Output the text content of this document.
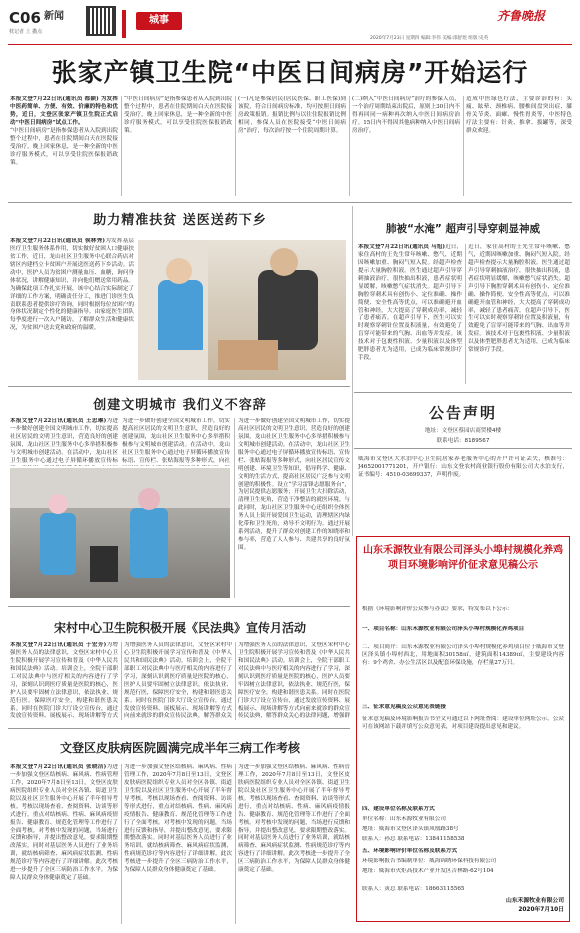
C06 新闻
枕记者 上 撒点
城事	齐鲁晚报
2020年7月23日 星期四 编辑:李伟 美编:邵舒煜 组版:史英
张家产镇卫生院“中医日间病房”开始运行
本报文登7月22日讯(通讯员 都颖) 为发挥中医药简单、方便、有效、价廉的特色和优势，近日，文登区张家产镇卫生院正式启动“中医日间病房”试点工作。
“中医日间病房”是指参保患者从入院到出院整个过程中，患者在住院期间白天在医院接受治疗，晚上回家休息，是一种全新的中医诊疗服务模式，可以享受住院医保报销政策。
“中医日间病房”是指参保患者从入院到出院整个过程中，患者在住院期间白天在医院接受治疗，晚上回家休息，是一种全新的中医诊疗服务模式，可以享受住院医保报销政策。
(一)凡是参保居民(居民医保、职工医保)到该院，符合日间病房标准，均可按照日间病房政策报销。报销比例与以往住院报销比例相同，参保人员在医院接受“中医日间病房”治疗，每次治疗按一个住院周期计算。
(二)纳入“中医日间病房”治疗的参保人员，一个治疗周期结束出院后，原则上30日内不得再回同一病种再次纳入中医日间病房治疗。15日内不得因其他病种纳入中医日间病房治疗。
造成中医绿色疗法，主要诊治的有：头痛、眩晕、颈椎病、腰椎间盘突出症、膝骨关节炎、面瘫、慢性胃炎等，中医特色疗法主要有：针灸、推拿、拔罐等，深受群众欢迎。
助力精准扶贫 送医送药下乡
本报文登7月22日讯(通讯员 侯林秀)为发挥基层医疗卫生服务体系作用，切实做好贫困人口健康扶贫工作，近日，龙山社区卫生服务中心联合药店对辖区内建档立卡贫困户开展送医送药下乡活动。活动中，医护人员为贫困户测量血压、血糖，询问身体状况，讲解健康知识，并向他们赠送常用药品。为确保此项工作扎实开展，该中心结合实际制定了详细的工作方案，明确责任分工，推进门诊医生负责联系患者提供诊疗咨询，同时根据每位贫困户的身体状况制定个性化的健康指导。由家庭医生团队每季度进行一次入户随访，了解群众生活和健康状况，为贫困户送去党和政府的温暖。
肺被“水淹” 超声引导穿刺显神威
本报文登7月22日讯(通讯员 马旭)近日，家住高村的王先生常年咳嗽、憋气，近期因咳嗽加重、胸闷气短入院。经超声检查提示大量胸腔积液。医生通过超声引导穿刺抽液治疗，很快抽出积液，患者症状明显缓解，咳嗽憋气症状消失。超声引导下胸腔穿刺术具有创伤小、定位准确、操作简便、安全性高等优点，可以准确避开血管和神经，大大提高了穿刺成功率，减轻了患者痛苦。在超声引导下，医生可以实时观察穿刺针位置及积液量，有效避免了盲穿可能带来的气胸、出血等并发症。该技术对于包裹性积液、少量积液以及体型肥胖患者尤为适用，已成为临床常规诊疗手段。
近日，家住高村的王先生常年咳嗽、憋气，近期因咳嗽加重、胸闷气短入院。经超声检查提示大量胸腔积液。医生通过超声引导穿刺抽液治疗，很快抽出积液，患者症状明显缓解，咳嗽憋气症状消失。超声引导下胸腔穿刺术具有创伤小、定位准确、操作简便、安全性高等优点，可以准确避开血管和神经，大大提高了穿刺成功率，减轻了患者痛苦。在超声引导下，医生可以实时观察穿刺针位置及积液量，有效避免了盲穿可能带来的气胸、出血等并发症。该技术对于包裹性积液、少量积液以及体型肥胖患者尤为适用，已成为临床常规诊疗手段。
创建文明城市 我们义不容辞
本报文登7月22日讯(通讯员 王忠琳)为进一步做好创建全国文明城市工作，切实提高社区居民的文明卫生意识，营造良好的创建氛围，龙山社区卫生服务中心多举措积极参与文明城市创建活动。在活动中，龙山社区卫生服务中心通过电子屏循环播放宣传标
为进一步做好创建全国文明城市工作，切实提高社区居民的文明卫生意识，营造良好的创建氛围，龙山社区卫生服务中心多举措积极参与文明城市创建活动。在活动中，龙山社区卫生服务中心通过电子屏循环播放宣传标语、宣传栏、张贴海报等多种形式，向社
为进一步做好创建全国文明城市工作，切实提高社区居民的文明卫生意识，营造良好的创建氛围，龙山社区卫生服务中心多举措积极参与文明城市创建活动。在活动中，龙山社区卫生服务中心通过电子屏循环播放宣传标语、宣传栏、张贴海报等多种形式，向社区居民宣传文明创建、环境卫生等知识，倡导科学、健康、文明的生活方式，提高社区居民广泛参与文明创建的积极性。设立“学习雷锋志愿服务台”，为居民提供志愿服务；开展卫生大扫除活动，清理卫生死角，营造干净整洁的就医环境。与此同时，龙山社区卫生服务中心还组织全体医务人员上街开展爱国卫生运动，清理辖区内绿化带和卫生死角，劝导不文明行为。通过开展系列活动，提升了群众对创建工作的知晓率和参与率，营造了人人参与、共建共享的良好氛围。
公告声明
地址：文登区蔡园店商贸楼4楼
联系电话：8189567
威海市文登区大水泊中心卫生院居家养老服务中心的开户许可证丢失，核准号：J4652001771201，开户银行：山东文登农村商业银行股份有限公司大水泊支行，证书编号：4510-03699337，声明作废。
山东禾源牧业有限公司泽头小埠村规模化养鸡项目环境影响评价征求意见稿公示
根据《环境影响评价公众参与办法》要求，特发布以下公示：
一、项目名称：山东禾源牧业有限公司泽头小埠村规模化养鸡项目
二、项目简介：山东禾源牧业有限公司泽头小埠村规模化养鸡项目位于威海市文登区泽头镇小埠村西北，用地面积30158㎡，建筑面积14389㎡，主要建设内容有：9个鸡舍、办公生活区以及配套环保设施，存栏量27万只。
三、征求意见稿及公众意见表链接
征求意见稿及环境影响报告书全文可通过以下网址查阅：建设单位网址公示。公众可在该网站下载并填写公众意见表，对项目建设提出意见和建议。
四、建设单位名称及联系方式
单位名称：山东禾源牧业有限公司
地址：威海市文登区泽头镇凤凰路38号
联系人：孙总 联系电话：13841158538
五、环境影响评价单位名称及联系方式
环境影响报告书编制单位：威海锦绣环保科技有限公司
地址：威海市火炬高技术产业开发区吉林路-62号104
联系人：黄总 联系电话：18663115565
山东禾源牧业有限公司
2020年7月10日
宋村中心卫生院积极开展《民法典》宣传月活动
本报文登7月22日讯(通讯员 于宏芳)为增强医务人员的法律意识，文登区宋村中心卫生院积极开展学习宣传和普及《中华人民共和国民法典》活动。培训会上，全院干部职工对民法典中与医疗相关的内容进行了学习，深刻认识到医疗质量是医院的核心，医护人员要牢固树立法律意识，依法执业、规范行医，保障医疗安全，构建和谐医患关系。同时在医院门诊大厅设立宣传台，通过发放宣传资料、展板展示、现场讲解等方式
为增强医务人员的法律意识，文登区宋村中心卫生院积极开展学习宣传和普及《中华人民共和国民法典》活动。培训会上，全院干部职工对民法典中与医疗相关的内容进行了学习，深刻认识到医疗质量是医院的核心，医护人员要牢固树立法律意识，依法执业、规范行医，保障医疗安全，构建和谐医患关系。同时在医院门诊大厅设立宣传台，通过发放宣传资料、展板展示、现场讲解等方式向前来就诊的群众宣传民法典，解答群众关
为增强医务人员的法律意识，文登区宋村中心卫生院积极开展学习宣传和普及《中华人民共和国民法典》活动。培训会上，全院干部职工对民法典中与医疗相关的内容进行了学习，深刻认识到医疗质量是医院的核心，医护人员要牢固树立法律意识，依法执业、规范行医，保障医疗安全，构建和谐医患关系。同时在医院门诊大厅设立宣传台，通过发放宣传资料、展板展示、现场讲解等方式向前来就诊的群众宣传民法典，解答群众关心的法律问题，增强群
文登区皮肤病医院圆满完成半年三病工作考核
本报文登7月22日讯(通讯员 张晓洁)为进一步加强文登区结核病、麻风病、性病管理工作，2020年7月8日至13日，文登区皮肤病医院组织专业人员对全区各镇、街道卫生院以及社区卫生服务中心开展了半年督导考核。考核以现场查看、查阅资料、访谈等形式进行，重点对结核病、性病、麻风病疫情报告、健康教育、规范化管理等工作进行了全面考核。对考核中发现的问题，当场进行反馈和指导，并提出整改意见，要求限期整改落实。同时对基层医务人员进行了业务培训，就结核病筛查、麻风病症状监测、性病规范诊疗等内容进行了详细讲解。此次考核进一步提升了全区三病防治工作水平，为保障人民群众身体健康奠定了基础。
为进一步加强文登区结核病、麻风病、性病管理工作，2020年7月8日至13日，文登区皮肤病医院组织专业人员对全区各镇、街道卫生院以及社区卫生服务中心开展了半年督导考核。考核以现场查看、查阅资料、访谈等形式进行，重点对结核病、性病、麻风病疫情报告、健康教育、规范化管理等工作进行了全面考核。对考核中发现的问题，当场进行反馈和指导，并提出整改意见，要求限期整改落实。同时对基层医务人员进行了业务培训，就结核病筛查、麻风病症状监测、性病规范诊疗等内容进行了详细讲解。此次考核进一步提升了全区三病防治工作水平，为保障人民群众身体健康奠定了基础。
为进一步加强文登区结核病、麻风病、性病管理工作，2020年7月8日至13日，文登区皮肤病医院组织专业人员对全区各镇、街道卫生院以及社区卫生服务中心开展了半年督导考核。考核以现场查看、查阅资料、访谈等形式进行，重点对结核病、性病、麻风病疫情报告、健康教育、规范化管理等工作进行了全面考核。对考核中发现的问题，当场进行反馈和指导，并提出整改意见，要求限期整改落实。同时对基层医务人员进行了业务培训，就结核病筛查、麻风病症状监测、性病规范诊疗等内容进行了详细讲解。此次考核进一步提升了全区三病防治工作水平，为保障人民群众身体健康奠定了基础。
